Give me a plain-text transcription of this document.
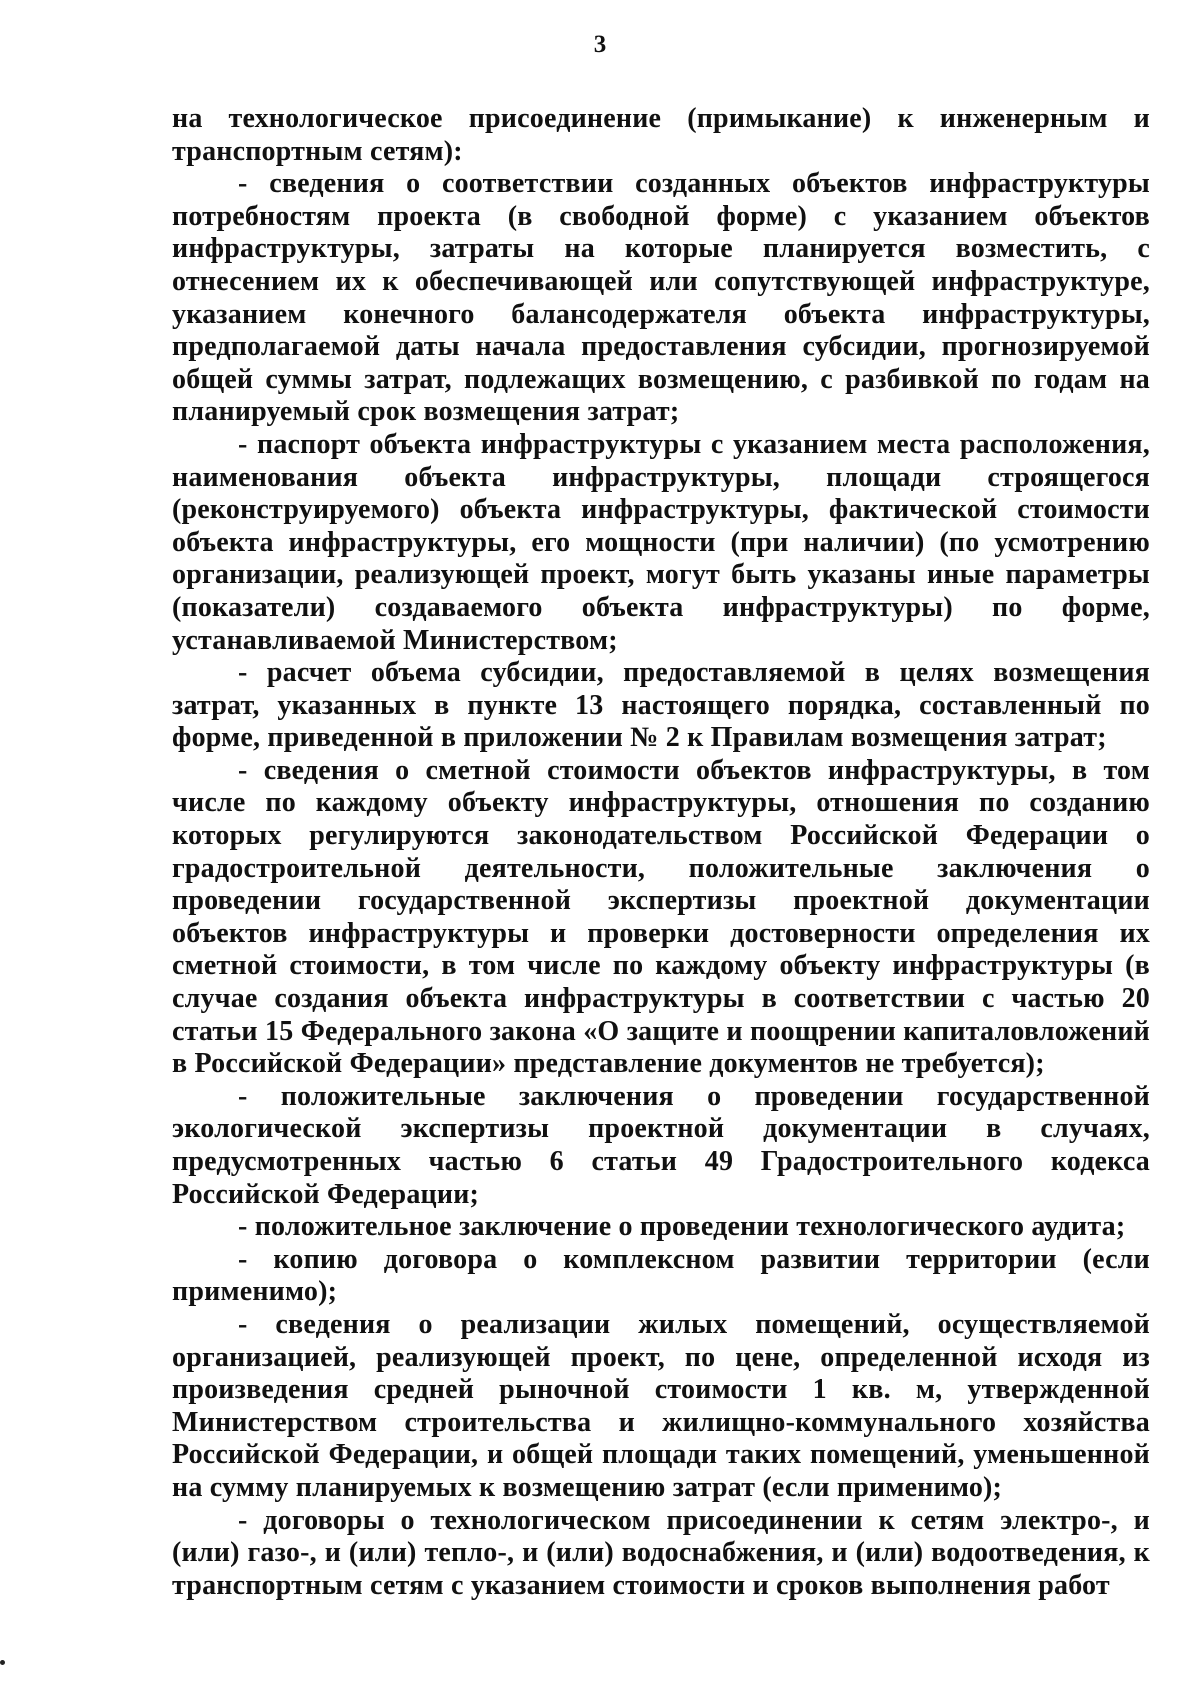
3

на технологическое присоединение (примыкание) к инженерным и транспортным сетям):

- сведения о соответствии созданных объектов инфраструктуры потребностям проекта (в свободной форме) с указанием объектов инфраструктуры, затраты на которые планируется возместить, с отнесением их к обеспечивающей или сопутствующей инфраструктуре, указанием конечного балансодержателя объекта инфраструктуры, предполагаемой даты начала предоставления субсидии, прогнозируемой общей суммы затрат, подлежащих возмещению, с разбивкой по годам на планируемый срок возмещения затрат;

- паспорт объекта инфраструктуры с указанием места расположения, наименования объекта инфраструктуры, площади строящегося (реконструируемого) объекта инфраструктуры, фактической стоимости объекта инфраструктуры, его мощности (при наличии) (по усмотрению организации, реализующей проект, могут быть указаны иные параметры (показатели) создаваемого объекта инфраструктуры) по форме, устанавливаемой Министерством;

- расчет объема субсидии, предоставляемой в целях возмещения затрат, указанных в пункте 13 настоящего порядка, составленный по форме, приведенной в приложении № 2 к Правилам возмещения затрат;

- сведения о сметной стоимости объектов инфраструктуры, в том числе по каждому объекту инфраструктуры, отношения по созданию которых регулируются законодательством Российской Федерации о градостроительной деятельности, положительные заключения о проведении государственной экспертизы проектной документации объектов инфраструктуры и проверки достоверности определения их сметной стоимости, в том числе по каждому объекту инфраструктуры (в случае создания объекта инфраструктуры в соответствии с частью 20 статьи 15 Федерального закона «О защите и поощрении капиталовложений в Российской Федерации» представление документов не требуется);

- положительные заключения о проведении государственной экологической экспертизы проектной документации в случаях, предусмотренных частью 6 статьи 49 Градостроительного кодекса Российской Федерации;

- положительное заключение о проведении технологического аудита;

- копию договора о комплексном развитии территории (если применимо);

- сведения о реализации жилых помещений, осуществляемой организацией, реализующей проект, по цене, определенной исходя из произведения средней рыночной стоимости 1 кв. м, утвержденной Министерством строительства и жилищно-коммунального хозяйства Российской Федерации, и общей площади таких помещений, уменьшенной на сумму планируемых к возмещению затрат (если применимо);

- договоры о технологическом присоединении к сетям электро-, и (или) газо-, и (или) тепло-, и (или) водоснабжения, и (или) водоотведения, к транспортным сетям с указанием стоимости и сроков выполнения работ
